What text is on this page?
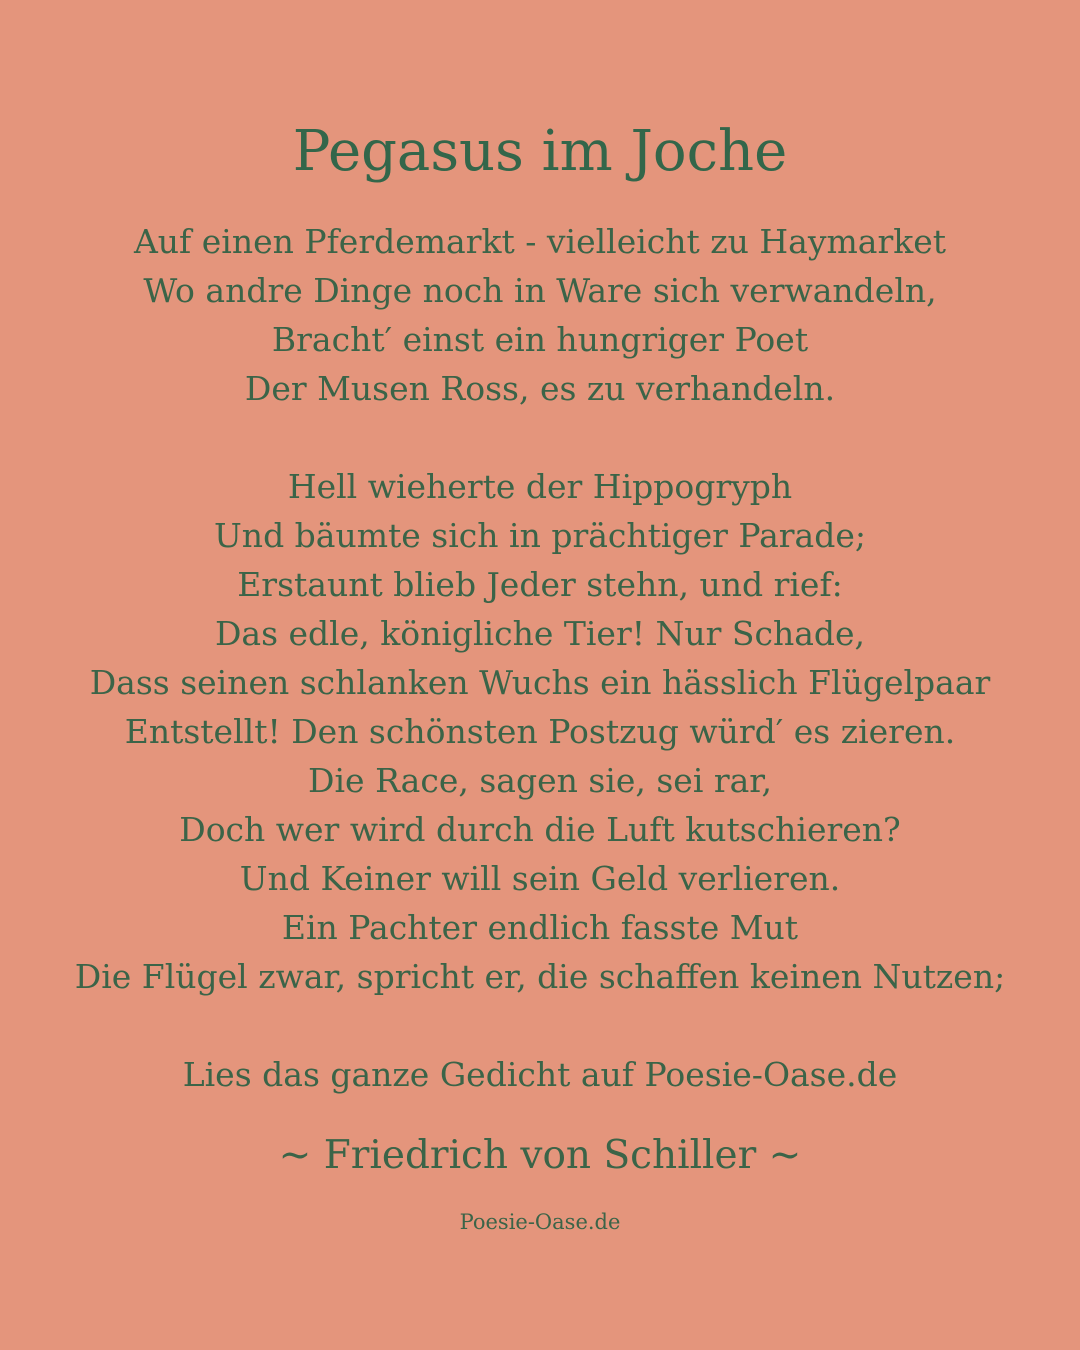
Pegasus im Joche
Auf einen Pferdemarkt - vielleicht zu Haymarket
Wo andre Dinge noch in Ware sich verwandeln,
Bracht′ einst ein hungriger Poet
Der Musen Ross, es zu verhandeln.
Hell wieherte der Hippogryph
Und bäumte sich in prächtiger Parade;
Erstaunt blieb Jeder stehn, und rief:
Das edle, königliche Tier! Nur Schade,
Dass seinen schlanken Wuchs ein hässlich Flügelpaar
Entstellt! Den schönsten Postzug würd′ es zieren.
Die Race, sagen sie, sei rar,
Doch wer wird durch die Luft kutschieren?
Und Keiner will sein Geld verlieren.
Ein Pachter endlich fasste Mut
Die Flügel zwar, spricht er, die schaffen keinen Nutzen;
Lies das ganze Gedicht auf Poesie-Oase.de
~ Friedrich von Schiller ~
Poesie-Oase.de
